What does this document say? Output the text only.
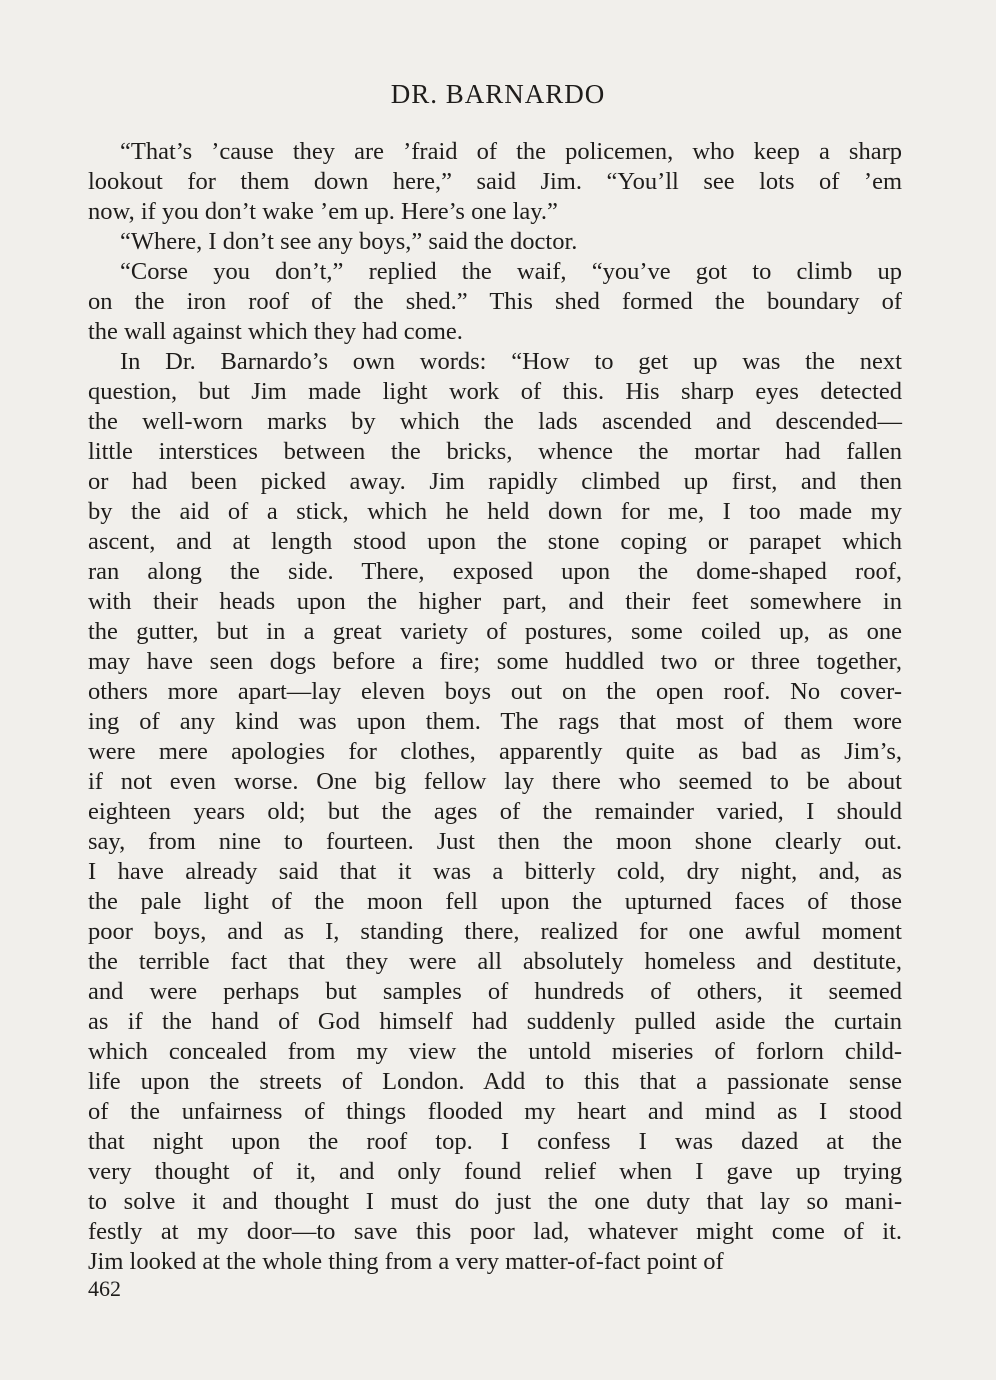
DR. BARNARDO
“That’s ’cause they are ’fraid of the policemen, who keep a sharp
lookout for them down here,” said Jim. “You’ll see lots of ’em
now, if you don’t wake ’em up. Here’s one lay.”
“Where, I don’t see any boys,” said the doctor.
“Corse you don’t,” replied the waif, “you’ve got to climb up
on the iron roof of the shed.” This shed formed the boundary of
the wall against which they had come.
In Dr. Barnardo’s own words: “How to get up was the next
question, but Jim made light work of this. His sharp eyes detected
the well-worn marks by which the lads ascended and descended—
little interstices between the bricks, whence the mortar had fallen
or had been picked away. Jim rapidly climbed up first, and then
by the aid of a stick, which he held down for me, I too made my
ascent, and at length stood upon the stone coping or parapet which
ran along the side. There, exposed upon the dome-shaped roof,
with their heads upon the higher part, and their feet somewhere in
the gutter, but in a great variety of postures, some coiled up, as one
may have seen dogs before a fire; some huddled two or three together,
others more apart—lay eleven boys out on the open roof. No cover-
ing of any kind was upon them. The rags that most of them wore
were mere apologies for clothes, apparently quite as bad as Jim’s,
if not even worse. One big fellow lay there who seemed to be about
eighteen years old; but the ages of the remainder varied, I should
say, from nine to fourteen. Just then the moon shone clearly out.
I have already said that it was a bitterly cold, dry night, and, as
the pale light of the moon fell upon the upturned faces of those
poor boys, and as I, standing there, realized for one awful moment
the terrible fact that they were all absolutely homeless and destitute,
and were perhaps but samples of hundreds of others, it seemed
as if the hand of God himself had suddenly pulled aside the curtain
which concealed from my view the untold miseries of forlorn child-
life upon the streets of London. Add to this that a passionate sense
of the unfairness of things flooded my heart and mind as I stood
that night upon the roof top. I confess I was dazed at the
very thought of it, and only found relief when I gave up trying
to solve it and thought I must do just the one duty that lay so mani-
festly at my door—to save this poor lad, whatever might come of it.
Jim looked at the whole thing from a very matter-of-fact point of
462
